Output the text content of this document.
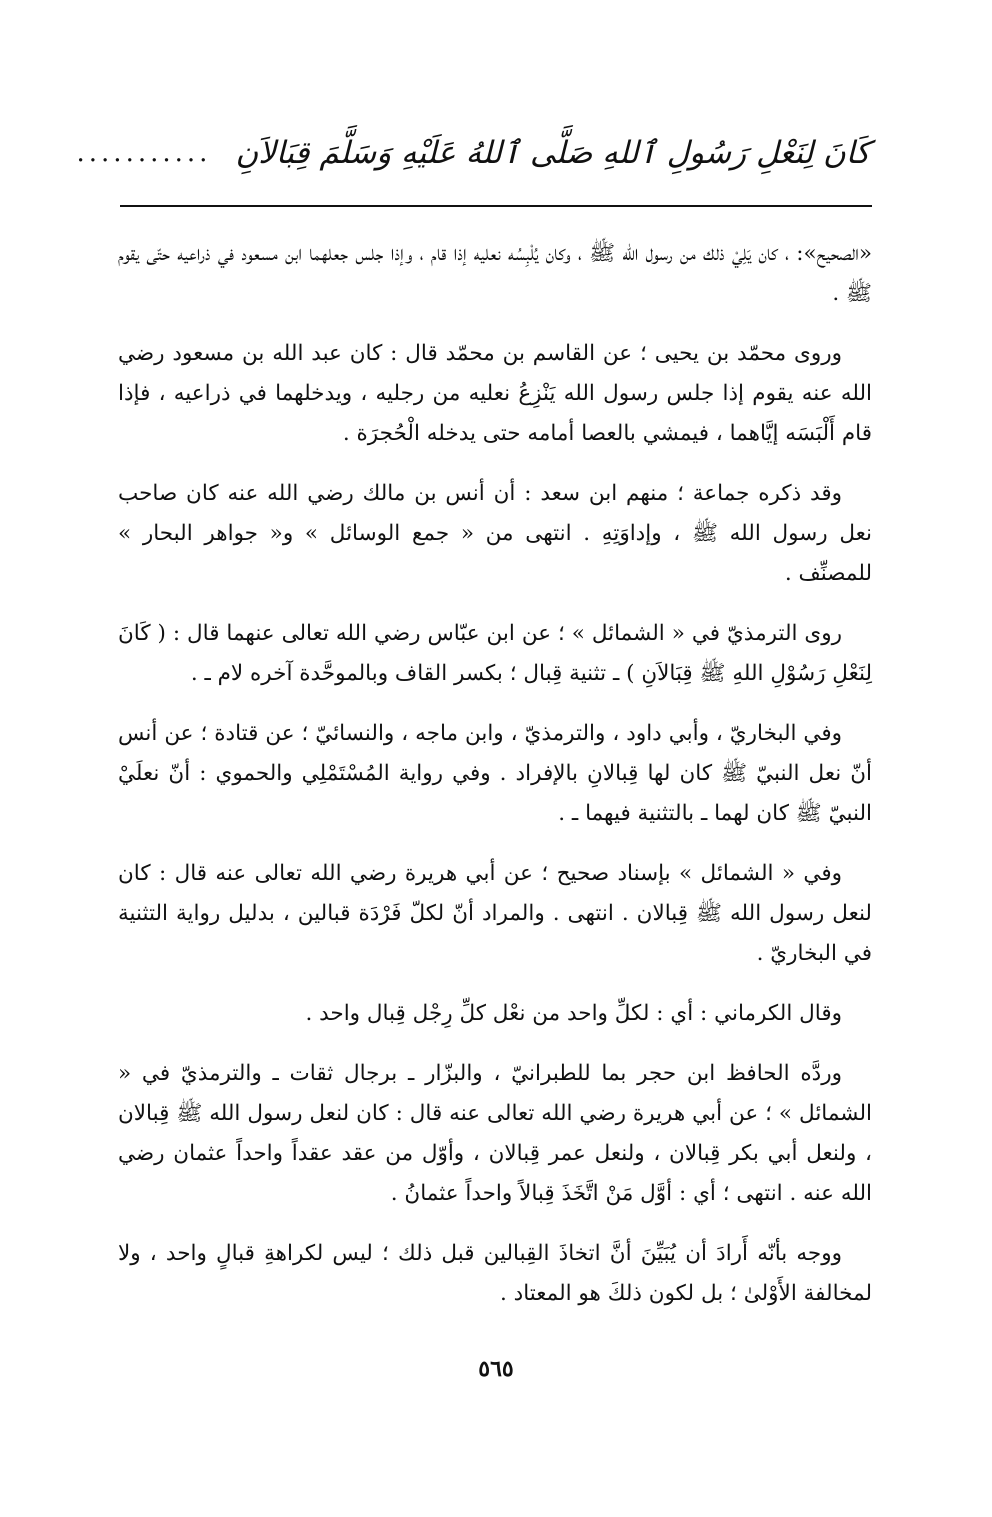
كَانَ لِنَعْلِ رَسُولِ ٱللهِ صَلَّى ٱللهُ عَلَيْهِ وَسَلَّمَ قِبَالاَنِ
...........

«الصحيح»: ، كان يَلِيْ ذلك من رسول الله ﷺ ، وكان يُلْبِسُه نعليه إذا قام ، وإذا جلس جعلهما ابن مسعود في ذراعيه حتّى يقوم ﷺ .

وروى محمّد بن يحيى ؛ عن القاسم بن محمّد قال : كان عبد الله بن مسعود رضي الله عنه يقوم إذا جلس رسول الله يَنْزِعُ نعليه من رجليه ، ويدخلهما في ذراعيه ، فإذا قام أَلْبَسَه إيَّاهما ، فيمشي بالعصا أمامه حتى يدخله الْحُجرَة .

وقد ذكره جماعة ؛ منهم ابن سعد : أن أنس بن مالك رضي الله عنه كان صاحب نعل رسول الله ﷺ ، وإداوَتِهِ . انتهى من « جمع الوسائل » و« جواهر البحار » للمصنِّف .

روى الترمذيّ في « الشمائل » ؛ عن ابن عبّاس رضي الله تعالى عنهما قال : ( كَانَ لِنَعْلِ رَسُوْلِ اللهِ ﷺ قِبَالاَنِ ) ـ تثنية قِبال ؛ بكسر القاف وبالموحَّدة آخره لام ـ .

وفي البخاريّ ، وأبي داود ، والترمذيّ ، وابن ماجه ، والنسائيّ ؛ عن قتادة ؛ عن أنس أنّ نعل النبيّ ﷺ كان لها قِبالانِ بالإفراد . وفي رواية المُسْتَمْلِي والحموي : أنّ نعلَيْ النبيّ ﷺ كان لهما ـ بالتثنية فيهما ـ .

وفي « الشمائل » بإسناد صحيح ؛ عن أبي هريرة رضي الله تعالى عنه قال : كان لنعل رسول الله ﷺ قِبالان . انتهى . والمراد أنّ لكلّ فَرْدَة قبالين ، بدليل رواية التثنية في البخاريّ .

وقال الكرماني : أي : لكلِّ واحد من نعْل كلِّ رِجْل قِبال واحد .

وردَّه الحافظ ابن حجر بما للطبرانيّ ، والبزّار ـ برجال ثقات ـ والترمذيّ في « الشمائل » ؛ عن أبي هريرة رضي الله تعالى عنه قال : كان لنعل رسول الله ﷺ قِبالان ، ولنعل أبي بكر قِبالان ، ولنعل عمر قِبالان ، وأوّل من عقد عقداً واحداً عثمان رضي الله عنه . انتهى ؛ أي : أوَّل مَنْ اتَّخَذَ قِبالاً واحداً عثمانُ .

ووجه بأنّه أَرادَ أن يُبَيِّنَ أنَّ اتخاذَ القِبالين قبل ذلك ؛ ليس لكراهةِ قبالٍ واحد ، ولا لمخالفة الأَوْلىٰ ؛ بل لكون ذلكَ هو المعتاد .

٥٦٥
